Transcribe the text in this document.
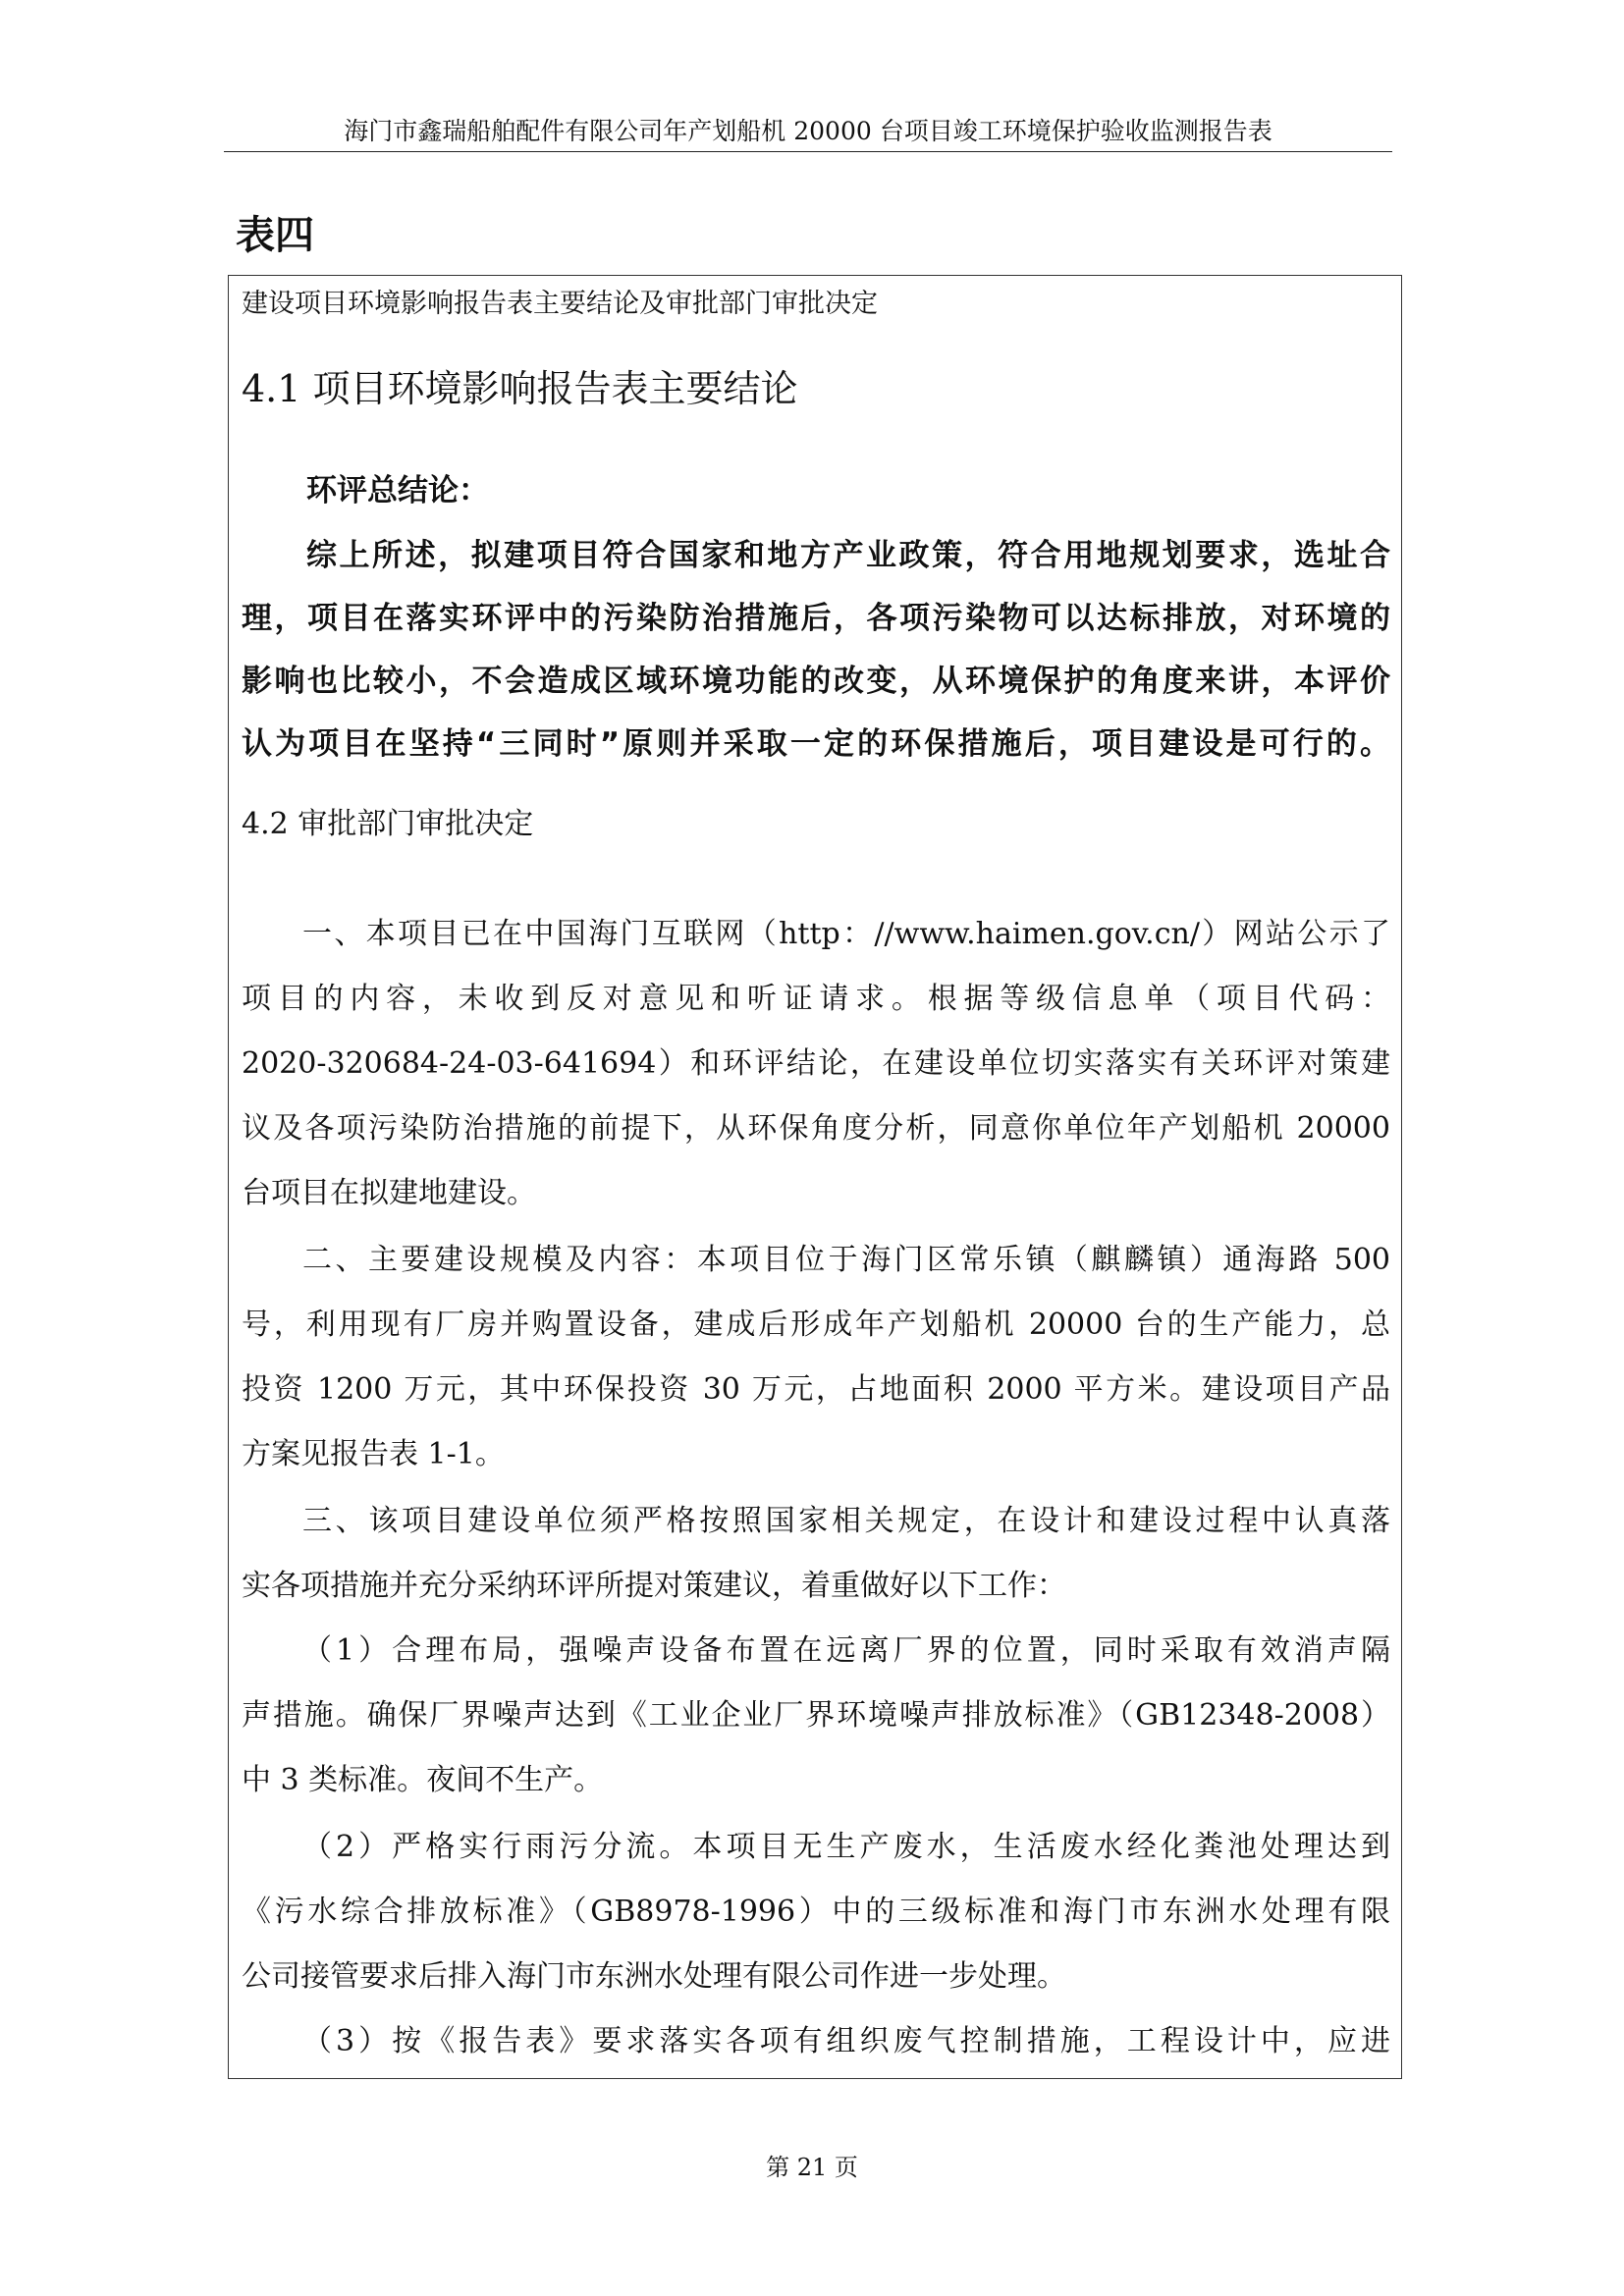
海门市鑫瑞船舶配件有限公司年产划船机 20000 台项目竣工环境保护验收监测报告表
表四
建设项目环境影响报告表主要结论及审批部门审批决定
4.1 项目环境影响报告表主要结论
环评总结论：
综上所述，拟建项目符合国家和地方产业政策，符合用地规划要求，选址合
理，项目在落实环评中的污染防治措施后，各项污染物可以达标排放，对环境的
影响也比较小，不会造成区域环境功能的改变，从环境保护的角度来讲，本评价
认为项目在坚持“三同时”原则并采取一定的环保措施后，项目建设是可行的。
4.2 审批部门审批决定
一、本项目已在中国海门互联网（http：//www.haimen.gov.cn/）网站公示了
项目的内容，未收到反对意见和听证请求。根据等级信息单（项目代码：
2020-320684-24-03-641694）和环评结论，在建设单位切实落实有关环评对策建
议及各项污染防治措施的前提下，从环保角度分析，同意你单位年产划船机 20000
台项目在拟建地建设。
二、主要建设规模及内容：本项目位于海门区常乐镇（麒麟镇）通海路 500
号，利用现有厂房并购置设备，建成后形成年产划船机 20000 台的生产能力，总
投资 1200 万元，其中环保投资 30 万元，占地面积 2000 平方米。建设项目产品
方案见报告表 1-1。
三、该项目建设单位须严格按照国家相关规定，在设计和建设过程中认真落
实各项措施并充分采纳环评所提对策建议，着重做好以下工作：
（1）合理布局，强噪声设备布置在远离厂界的位置，同时采取有效消声隔
声措施。确保厂界噪声达到《工业企业厂界环境噪声排放标准》（GB12348-2008）
中 3 类标准。夜间不生产。
（2）严格实行雨污分流。本项目无生产废水，生活废水经化粪池处理达到
《污水综合排放标准》（GB8978-1996）中的三级标准和海门市东洲水处理有限
公司接管要求后排入海门市东洲水处理有限公司作进一步处理。
（3）按《报告表》要求落实各项有组织废气控制措施，工程设计中，应进
第 21 页
